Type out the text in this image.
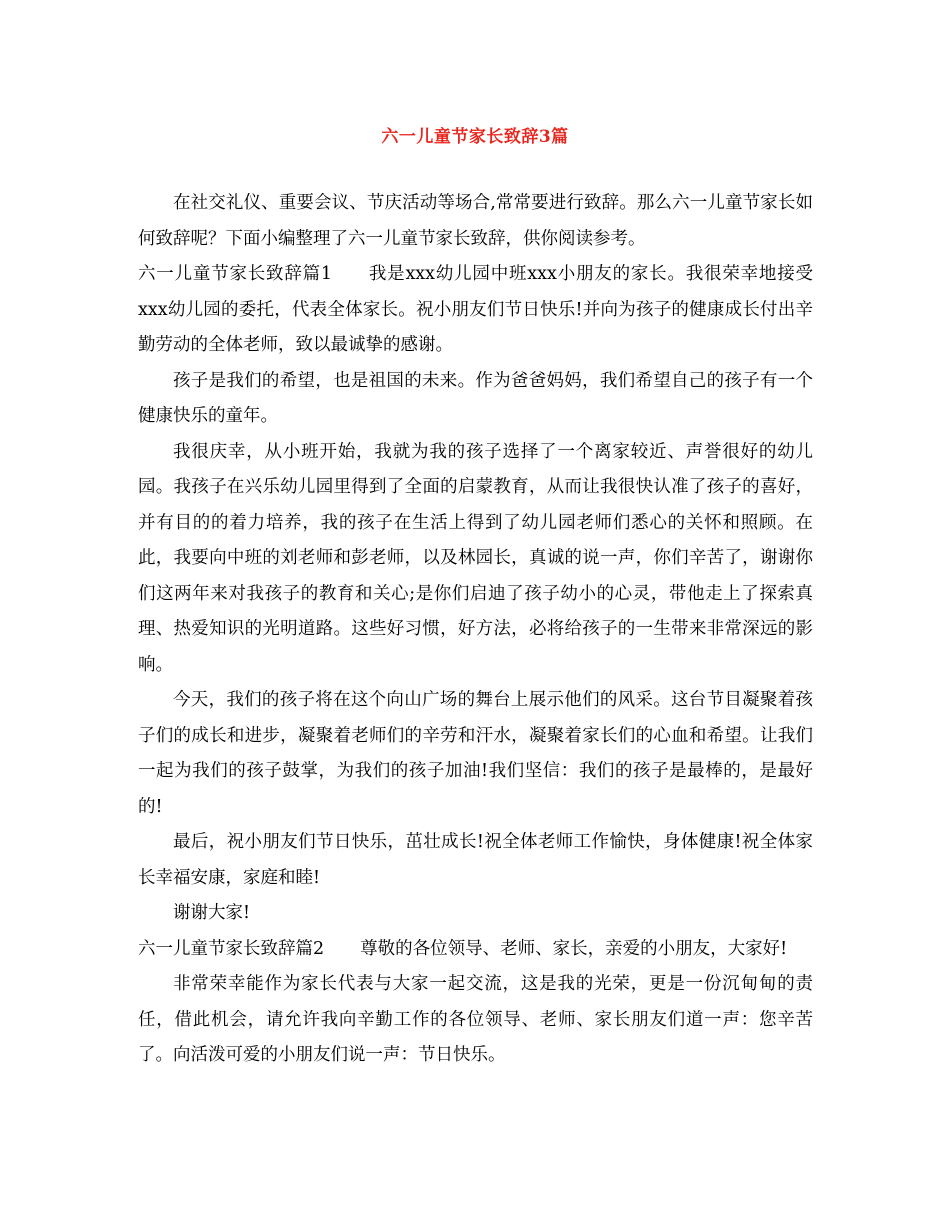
六一儿童节家长致辞3篇

在社交礼仪、重要会议、节庆活动等场合,常常要进行致辞。那么六一儿童节家长如何致辞呢？下面小编整理了六一儿童节家长致辞，供你阅读参考。

六一儿童节家长致辞篇1 我是xxx幼儿园中班xxx小朋友的家长。我很荣幸地接受xxx幼儿园的委托，代表全体家长。祝小朋友们节日快乐!并向为孩子的健康成长付出辛勤劳动的全体老师，致以最诚挚的感谢。

孩子是我们的希望，也是祖国的未来。作为爸爸妈妈，我们希望自己的孩子有一个健康快乐的童年。

我很庆幸，从小班开始，我就为我的孩子选择了一个离家较近、声誉很好的幼儿园。我孩子在兴乐幼儿园里得到了全面的启蒙教育，从而让我很快认准了孩子的喜好，并有目的的着力培养，我的孩子在生活上得到了幼儿园老师们悉心的关怀和照顾。在此，我要向中班的刘老师和彭老师，以及林园长，真诚的说一声，你们辛苦了，谢谢你们这两年来对我孩子的教育和关心;是你们启迪了孩子幼小的心灵，带他走上了探索真理、热爱知识的光明道路。这些好习惯，好方法，必将给孩子的一生带来非常深远的影响。

今天，我们的孩子将在这个向山广场的舞台上展示他们的风采。这台节目凝聚着孩子们的成长和进步，凝聚着老师们的辛劳和汗水，凝聚着家长们的心血和希望。让我们一起为我们的孩子鼓掌，为我们的孩子加油!我们坚信：我们的孩子是最棒的，是最好的!

最后，祝小朋友们节日快乐，茁壮成长!祝全体老师工作愉快，身体健康!祝全体家长幸福安康，家庭和睦!

谢谢大家!

六一儿童节家长致辞篇2 尊敬的各位领导、老师、家长，亲爱的小朋友，大家好!

非常荣幸能作为家长代表与大家一起交流，这是我的光荣，更是一份沉甸甸的责任，借此机会，请允许我向辛勤工作的各位领导、老师、家长朋友们道一声：您辛苦了。向活泼可爱的小朋友们说一声：节日快乐。
